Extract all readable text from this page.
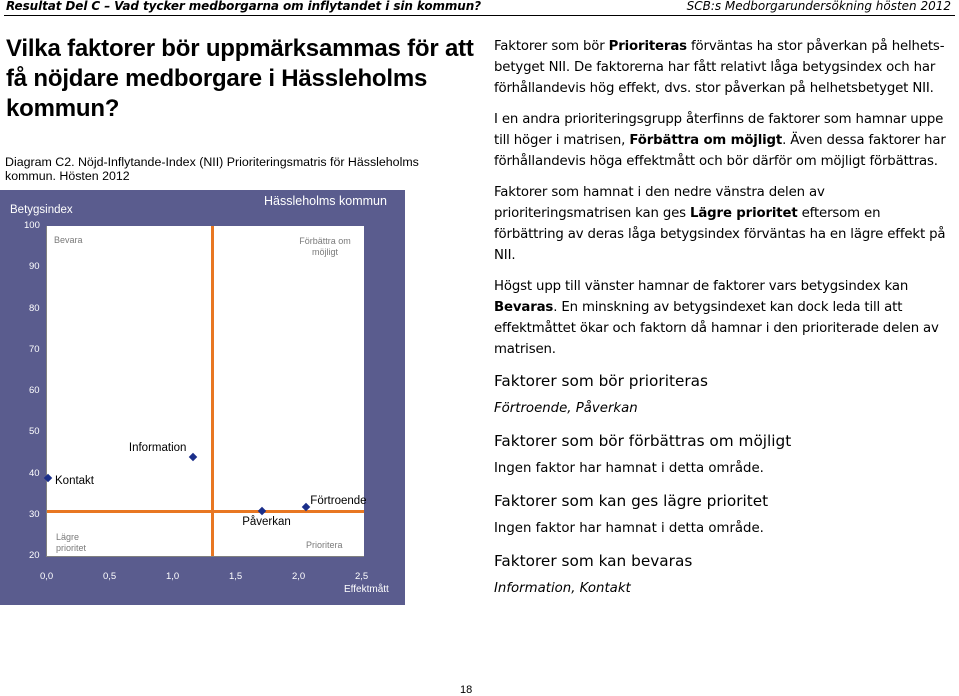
Resultat Del C – Vad tycker medborgarna om inflytandet i sin kommun?	SCB:s Medborgarundersökning hösten 2012
Vilka faktorer bör uppmärksammas för att få nöjdare medborgare i Hässleholms kommun?
Diagram C2. Nöjd-Inflytande-Index (NII) Prioriteringsmatris för Hässleholms kommun. Hösten 2012
Hässleholms kommun
Betygsindex
Effektmått
Bevara	Förbättra om möjligt
Lägre prioritet	Prioritera
Kontakt
Information
Påverkan
Förtroende
100
90
80
70
60
50
40
30
20
0,0	0,5	1,0	1,5	2,0	2,5

Faktorer som bör Prioriteras förväntas ha stor påverkan på helhets- betyget NII. De faktorerna har fått relativt låga betygsindex och har förhållandevis hög effekt, dvs. stor påverkan på helhetsbetyget NII.

I en andra prioriteringsgrupp återfinns de faktorer som hamnar uppe till höger i matrisen, Förbättra om möjligt. Även dessa faktorer har förhållandevis höga effektmått och bör därför om möjligt förbättras.

Faktorer som hamnat i den nedre vänstra delen av prioriteringsmatrisen kan ges Lägre prioritet eftersom en förbättring av deras låga betygsindex förväntas ha en lägre effekt på NII.

Högst upp till vänster hamnar de faktorer vars betygsindex kan Bevaras. En minskning av betygsindexet kan dock leda till att effektmåttet ökar och faktorn då hamnar i den prioriterade delen av matrisen.

Faktorer som bör prioriteras
Förtroende, Påverkan
Faktorer som bör förbättras om möjligt
Ingen faktor har hamnat i detta område.
Faktorer som kan ges lägre prioritet
Ingen faktor har hamnat i detta område.
Faktorer som kan bevaras
Information, Kontakt
18
